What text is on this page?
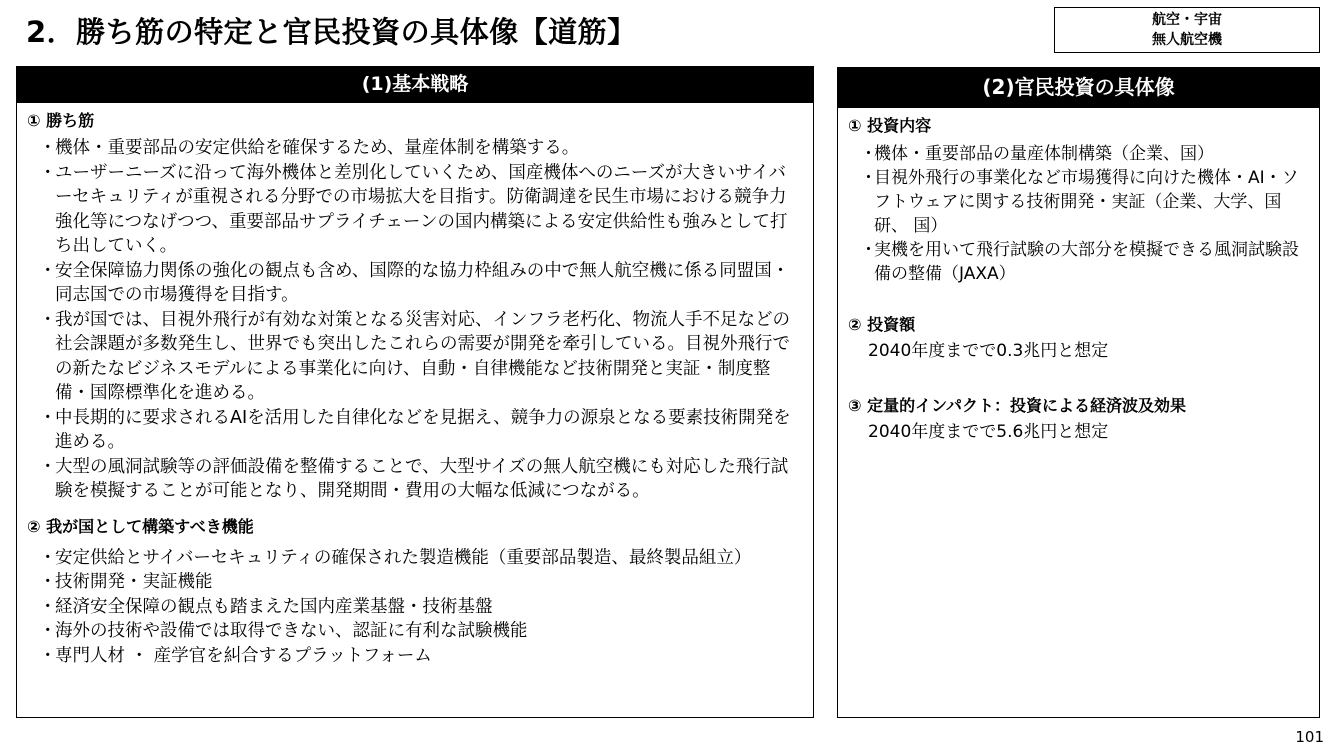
2．勝ち筋の特定と官民投資の具体像【道筋】	航空・宇宙
無人航空機
(1)基本戦略
① 勝ち筋
・ 機体・重要部品の安定供給を確保するため、量産体制を構築する。
・ ユーザーニーズに沿って海外機体と差別化していくため、国産機体へのニーズが大きいサイバーセキュリティが重視される分野での市場拡大を目指す。防衛調達を民生市場における競争力強化等につなげつつ、重要部品サプライチェーンの国内構築による安定供給性も強みとして打ち出していく。
・ 安全保障協力関係の強化の観点も含め、国際的な協力枠組みの中で無人航空機に係る同盟国・同志国での市場獲得を目指す。
・ 我が国では、目視外飛行が有効な対策となる災害対応、インフラ老朽化、物流人手不足などの社会課題が多数発生し、世界でも突出したこれらの需要が開発を牽引している。目視外飛行での新たなビジネスモデルによる事業化に向け、自動・自律機能など技術開発と実証・制度整備・国際標準化を進める。
・ 中長期的に要求されるAIを活用した自律化などを見据え、競争力の源泉となる要素技術開発を進める。
・ 大型の風洞試験等の評価設備を整備することで、大型サイズの無人航空機にも対応した飛行試験を模擬することが可能となり、開発期間・費用の大幅な低減につながる。
② 我が国として構築すべき機能
・ 安定供給とサイバーセキュリティの確保された製造機能（重要部品製造、最終製品組立）
・ 技術開発・実証機能
・ 経済安全保障の観点も踏まえた国内産業基盤・技術基盤
・ 海外の技術や設備では取得できない、認証に有利な試験機能
・ 専門人材 ・ 産学官を糾合するプラットフォーム
(2)官民投資の具体像
① 投資内容
・ 機体・重要部品の量産体制構築（企業、国）
・ 目視外飛行の事業化など市場獲得に向けた機体・AI・ソフトウェアに関する技術開発・実証（企業、大学、国研、 国）
・ 実機を用いて飛行試験の大部分を模擬できる風洞試験設備の整備（JAXA）
② 投資額
2040年度までで0.3兆円と想定
③ 定量的インパクト：投資による経済波及効果
2040年度までで5.6兆円と想定
101
